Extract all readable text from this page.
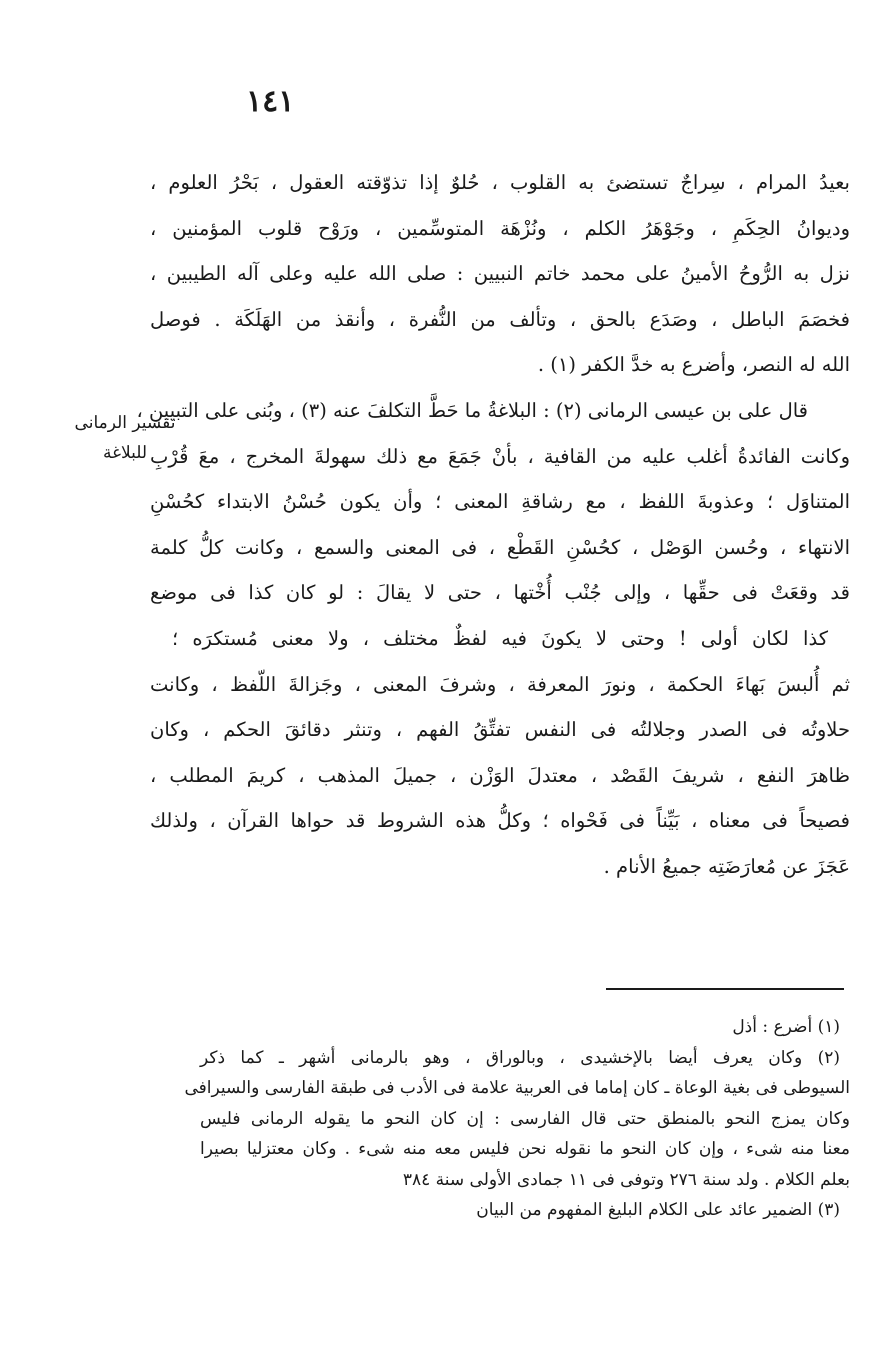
١٤١
تفسير الرمانى
للبلاغة
بعيدُ المرام ، سِراجٌ تستضئ به القلوب ، حُلوٌ إذا تذوّقته العقول ، بَحْرُ العلوم ،
وديوانُ الحِكَمِ ، وجَوْهَرُ الكلم ، ونُزْهَة المتوسِّمين ، ورَوْح قلوب المؤمنين ،
نزل به الرُّوحُ الأمينُ على محمد خاتم النبيين : صلى الله عليه وعلى آله الطيبين ،
فخصَمَ الباطل ، وصَدَع بالحق ، وتألف من النُّفرة ، وأنقذ من الهَلَكَة . فوصل
الله له النصر، وأضرع به خدَّ الكفر (١) .
قال على بن عيسى الرمانى (٢) : البلاغةُ ما حَطَّ التكلفَ عنه (٣) ، وبُنى على التبيين ،
وكانت الفائدةُ أغلب عليه من القافية ، بأنْ جَمَعَ مع ذلك سهولةَ المخرج ، معَ قُرْبِ
المتناوَل ؛ وعذوبةَ اللفظ ، مع رشاقةِ المعنى ؛ وأن يكون حُسْنُ الابتداء كحُسْنِ
الانتهاء ، وحُسن الوَصْل ، كحُسْنِ القَطْع ، فى المعنى والسمع ، وكانت كلُّ كلمة
قد وقعَتْ فى حقِّها ، وإلى جُنْب أُخْتها ، حتى لا يقالَ : لو كان كذا فى موضع
كذا لكان أولى ! وحتى لا يكونَ فيه لفظٌ مختلف ، ولا معنى مُستكرَه ؛
ثم أُلبسَ بَهاءَ الحكمة ، ونورَ المعرفة ، وشرفَ المعنى ، وجَزالةَ اللّفظ ، وكانت
حلاوتُه فى الصدر وجلالتُه فى النفس تفتِّقُ الفهم ، وتنثر دقائقَ الحكم ، وكان
ظاهرَ النفع ، شريفَ القَصْد ، معتدلَ الوَزْن ، جميلَ المذهب ، كريمَ المطلب ،
فصيحاً فى معناه ، بَيِّناً فى فَحْواه ؛ وكلُّ هذه الشروط قد حواها القرآن ، ولذلك
عَجَزَ عن مُعارَضَتِه جميعُ الأنام .
(١) أضرع : أذل
(٢) وكان يعرف أيضا بالإخشيدى ، وبالوراق ، وهو بالرمانى أشهر ـ كما ذكر
السيوطى فى بغية الوعاة ـ كان إماما فى العربية علامة فى الأدب فى طبقة الفارسى والسيرافى
وكان يمزج النحو بالمنطق حتى قال الفارسى : إن كان النحو ما يقوله الرمانى فليس
معنا منه شىء ، وإن كان النحو ما نقوله نحن فليس معه منه شىء . وكان معتزليا بصيرا
بعلم الكلام . ولد سنة ٢٧٦ وتوفى فى ١١ جمادى الأولى سنة ٣٨٤
(٣) الضمير عائد على الكلام البليغ المفهوم من البيان
